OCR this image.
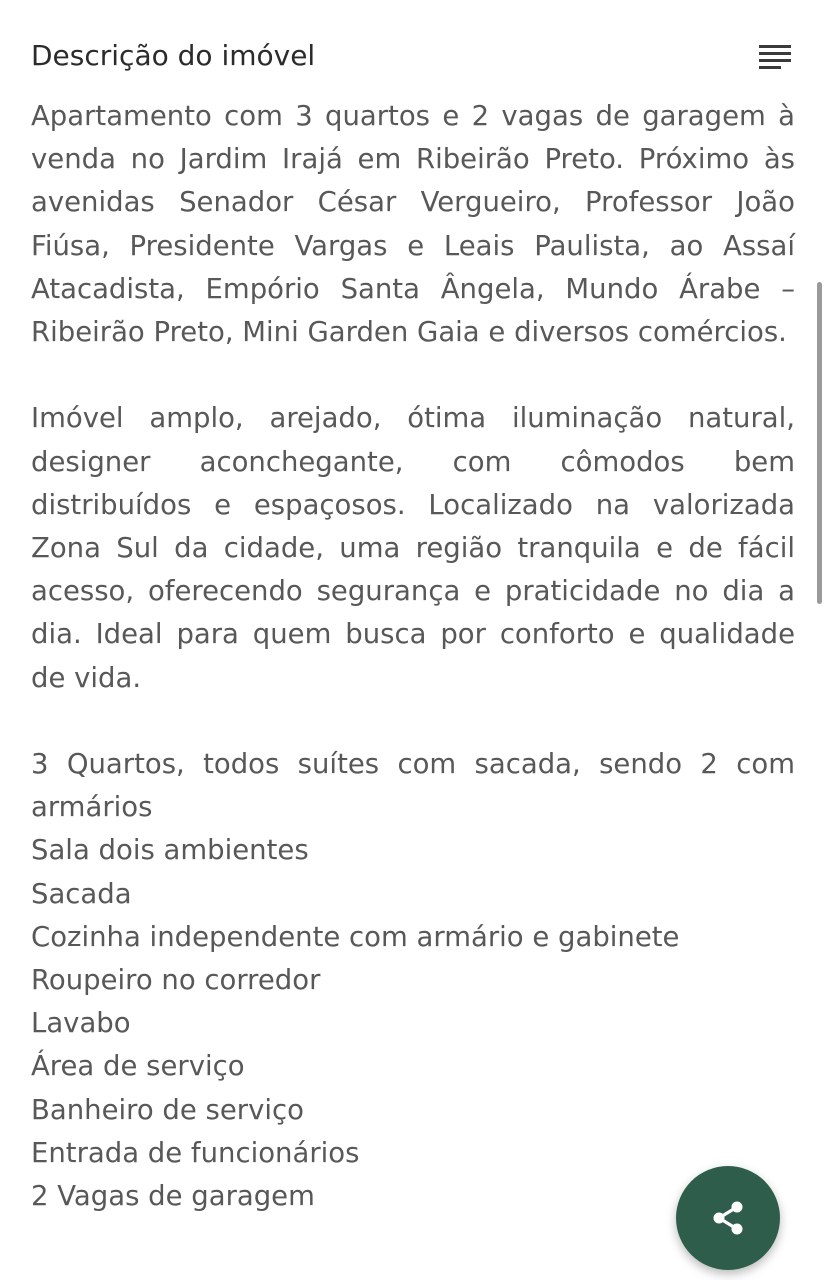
Descrição do imóvel

Apartamento com 3 quartos e 2 vagas de garagem à venda no Jardim Irajá em Ribeirão Preto. Próximo às avenidas Senador César Vergueiro, Professor João Fiúsa, Presidente Vargas e Leais Paulista, ao Assaí Atacadista, Empório Santa Ângela, Mundo Árabe – Ribeirão Preto, Mini Garden Gaia e diversos comércios.

Imóvel amplo, arejado, ótima iluminação natural, designer aconchegante, com cômodos bem distribuídos e espaçosos. Localizado na valorizada Zona Sul da cidade, uma região tranquila e de fácil acesso, oferecendo segurança e praticidade no dia a dia. Ideal para quem busca por conforto e qualidade de vida.

3 Quartos, todos suítes com sacada, sendo 2 com armários
Sala dois ambientes
Sacada
Cozinha independente com armário e gabinete
Roupeiro no corredor
Lavabo
Área de serviço
Banheiro de serviço
Entrada de funcionários
2 Vagas de garagem
